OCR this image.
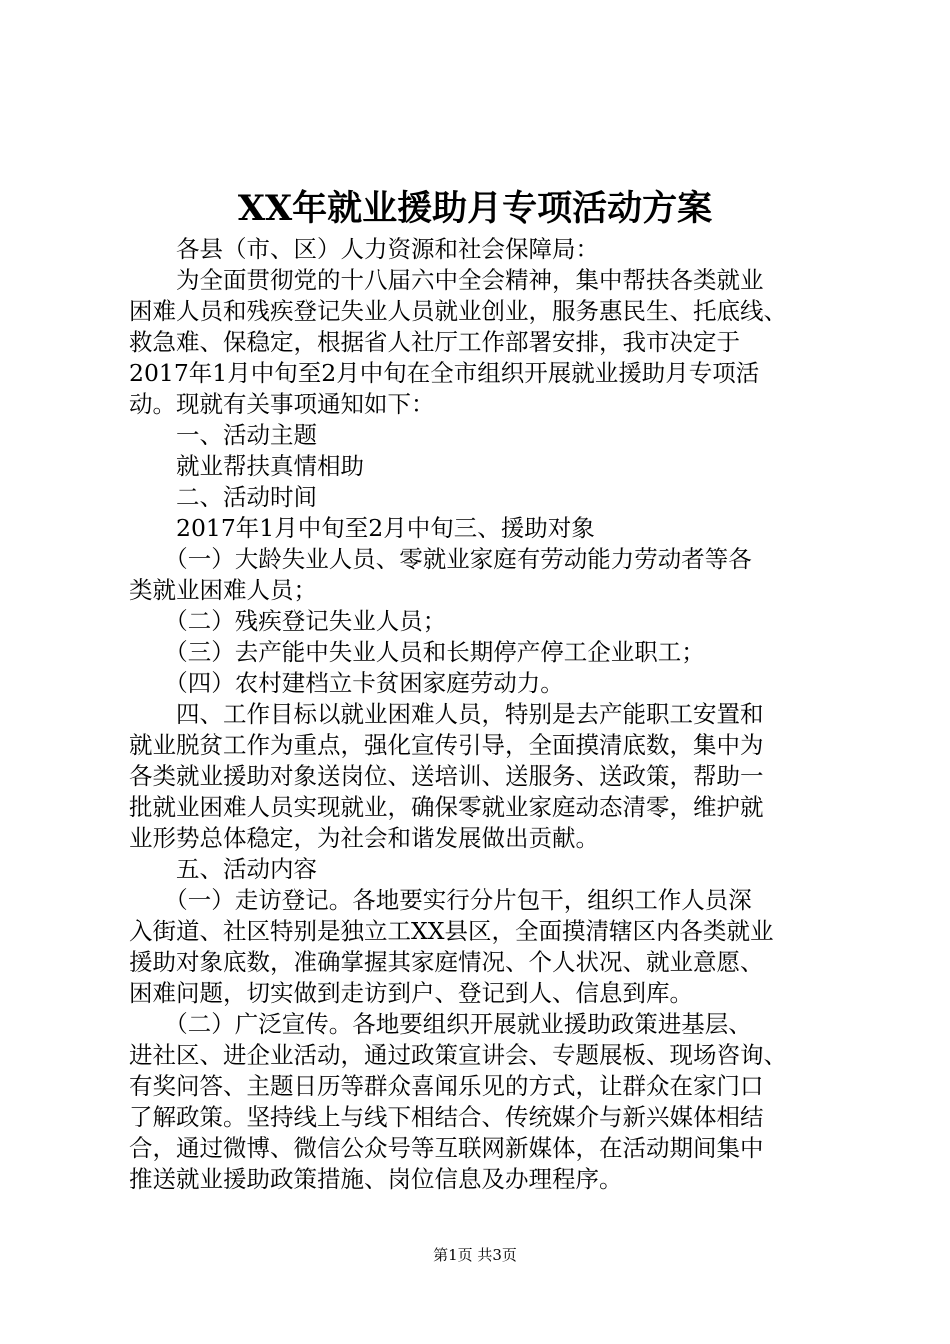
XX年就业援助月专项活动方案

　　各县（市、区）人力资源和社会保障局：

　　为全面贯彻党的十八届六中全会精神，集中帮扶各类就业

困难人员和残疾登记失业人员就业创业，服务惠民生、托底线、

救急难、保稳定，根据省人社厅工作部署安排，我市决定于

2017年1月中旬至2月中旬在全市组织开展就业援助月专项活

动。现就有关事项通知如下：

　　一、活动主题

　　就业帮扶真情相助

　　二、活动时间

　　2017年1月中旬至2月中旬三、援助对象

　　（一）大龄失业人员、零就业家庭有劳动能力劳动者等各

类就业困难人员；

　　（二）残疾登记失业人员；

　　（三）去产能中失业人员和长期停产停工企业职工；

　　（四）农村建档立卡贫困家庭劳动力。

　　四、工作目标以就业困难人员，特别是去产能职工安置和

就业脱贫工作为重点，强化宣传引导，全面摸清底数，集中为

各类就业援助对象送岗位、送培训、送服务、送政策，帮助一

批就业困难人员实现就业，确保零就业家庭动态清零，维护就

业形势总体稳定，为社会和谐发展做出贡献。

　　五、活动内容

　　（一）走访登记。各地要实行分片包干，组织工作人员深

入街道、社区特别是独立工XX县区，全面摸清辖区内各类就业

援助对象底数，准确掌握其家庭情况、个人状况、就业意愿、

困难问题，切实做到走访到户、登记到人、信息到库。

　　（二）广泛宣传。各地要组织开展就业援助政策进基层、

进社区、进企业活动，通过政策宣讲会、专题展板、现场咨询、

有奖问答、主题日历等群众喜闻乐见的方式，让群众在家门口

了解政策。坚持线上与线下相结合、传统媒介与新兴媒体相结

合，通过微博、微信公众号等互联网新媒体，在活动期间集中

推送就业援助政策措施、岗位信息及办理程序。

第1页 共3页
